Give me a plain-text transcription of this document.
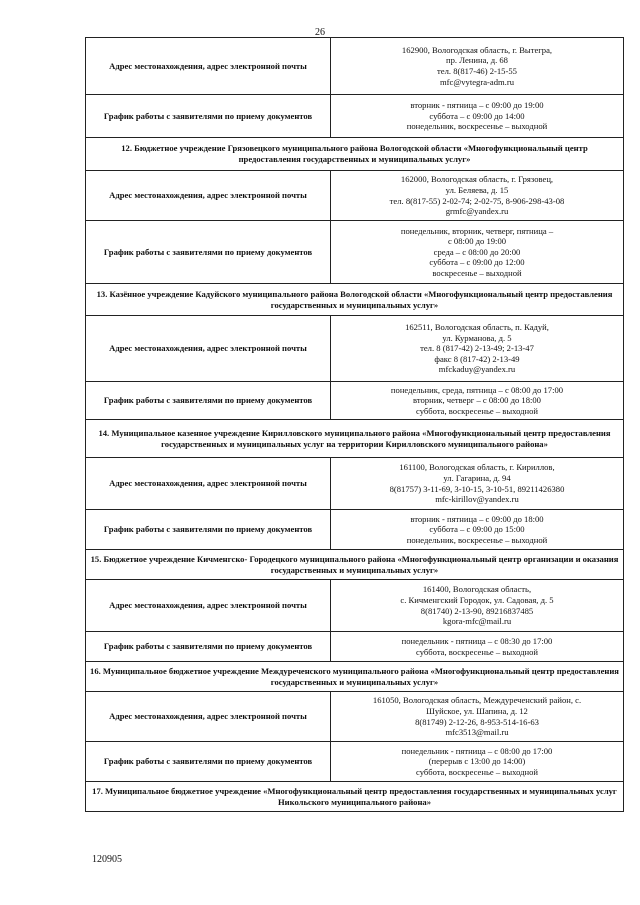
26
Адрес местонахождения, адрес электронной почты	162900, Вологодская область, г. Вытегра,
пр. Ленина, д. 68
тел. 8(817-46) 2-15-55
mfc@vytegra-adm.ru

График работы с заявителями по приему документов	вторник - пятница – с 09:00 до 19:00
суббота – с 09:00 до 14:00
понедельник, воскресенье – выходной

12. Бюджетное учреждение Грязовецкого муниципального района Вологодской области «Многофункциональный центр предоставления государственных и муниципальных услуг»	

Адрес местонахождения, адрес электронной почты	162000, Вологодская область, г. Грязовец,
ул. Беляева, д. 15
тел. 8(817-55) 2-02-74; 2-02-75, 8-906-298-43-08
grmfc@yandex.ru

График работы с заявителями по приему документов	понедельник, вторник, четверг, пятница –
с 08:00 до 19:00
среда – с 08:00 до 20:00
суббота – с 09:00 до 12:00
воскресенье – выходной

13. Казённое учреждение Кадуйского муниципального района Вологодской области «Многофункциональный центр предоставления государственных и муниципальных услуг»	

Адрес местонахождения, адрес электронной почты	162511, Вологодская область, п. Кадуй,
ул. Курманова, д. 5
тел. 8 (817-42) 2-13-49; 2-13-47
факс 8 (817-42) 2-13-49
mfckaduy@yandex.ru

График работы с заявителями по приему документов	понедельник, среда, пятница – с 08:00 до 17:00
вторник, четверг – с 08:00 до 18:00
суббота, воскресенье – выходной

14. Муниципальное казенное учреждение Кирилловского муниципального района «Многофункциональный центр предоставления государственных и муниципальных услуг на территории Кирилловского муниципального района»	

Адрес местонахождения, адрес электронной почты	161100, Вологодская область, г. Кириллов,
ул. Гагарина, д. 94
8(81757) 3-11-69, 3-10-15, 3-10-51, 89211426380
mfc-kirillov@yandex.ru

График работы с заявителями по приему документов	вторник - пятница – с 09:00 до 18:00
суббота – с 09:00 до 15:00
понедельник, воскресенье – выходной

15. Бюджетное учреждение Кичменгско- Городецкого муниципального района «Многофункциональный центр организации и оказания государственных и муниципальных услуг»	

Адрес местонахождения, адрес электронной почты	161400, Вологодская область,
с. Кичменгский Городок, ул. Садовая, д. 5
8(81740) 2-13-90, 89216837485
kgora-mfc@mail.ru

График работы с заявителями по приему документов	понедельник - пятница – с 08:30 до 17:00
суббота, воскресенье – выходной

16. Муниципальное бюджетное учреждение Междуреченского муниципального района «Многофункциональный центр предоставления государственных и муниципальных услуг»	

Адрес местонахождения, адрес электронной почты	161050, Вологодская область, Междуреченский район, с.
Шуйское, ул. Шапина, д. 12
8(81749) 2-12-26, 8-953-514-16-63
mfc3513@mail.ru

График работы с заявителями по приему документов	понедельник - пятница – с 08:00 до 17:00
(перерыв с 13:00 до 14:00)
суббота, воскресенье – выходной

17. Муниципальное бюджетное учреждение «Многофункциональный центр предоставления государственных и муниципальных услуг Никольского муниципального района»	
120905
